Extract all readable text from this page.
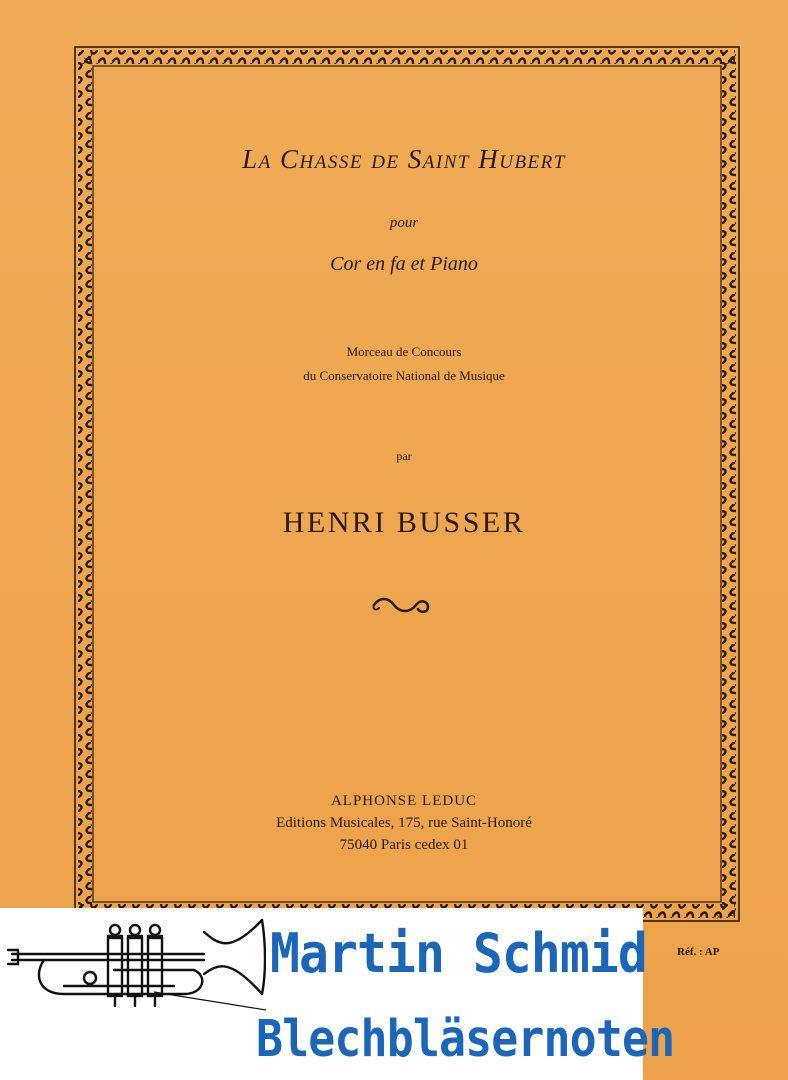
×
×
La Chasse de Saint Hubert
pour
Cor en fa et Piano
Morceau de Concours
du Conservatoire National de Musique
par
HENRI BUSSER
ALPHONSE LEDUC
Editions Musicales, 175, rue Saint-Honoré
75040 Paris cedex 01
Réf. : AP
Martin Schmid
Blechbläsernoten
